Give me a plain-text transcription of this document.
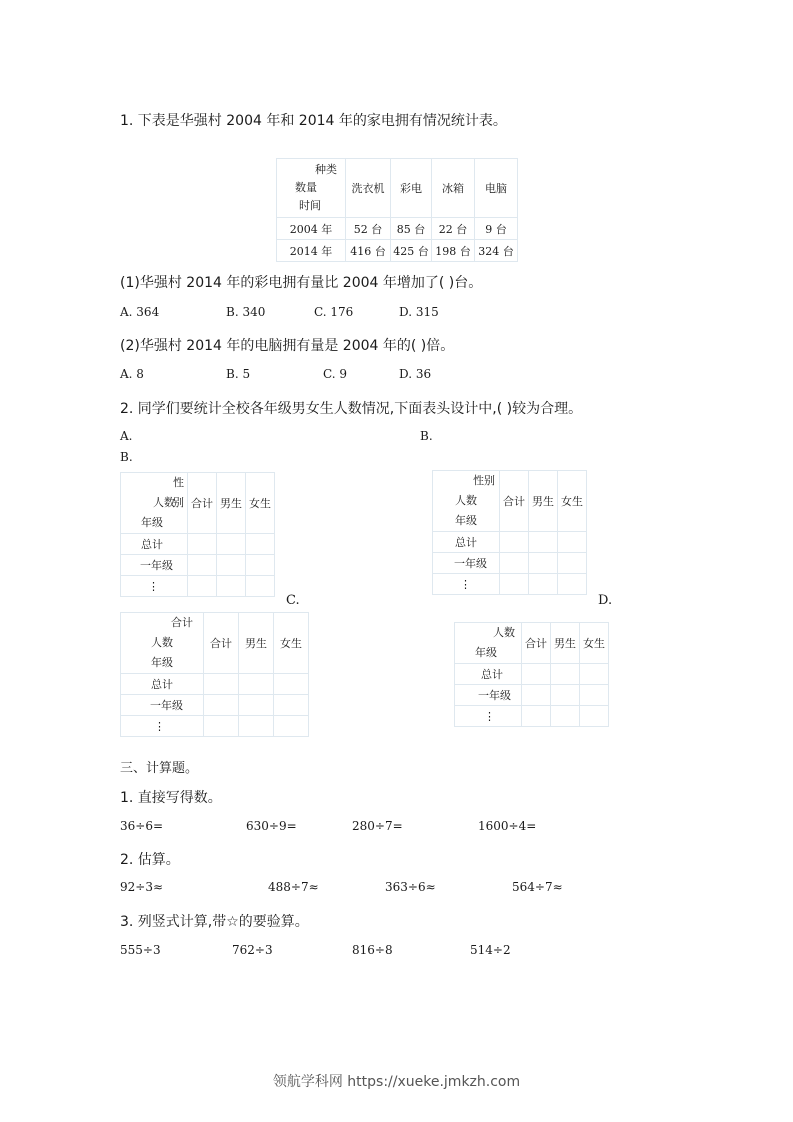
1. 下表是华强村 2004 年和 2014 年的家电拥有情况统计表。
种类
数量
时间	洗衣机	彩电	冰箱	电脑
2004 年	52 台	85 台	22 台	9 台
2014 年	416 台	425 台	198 台	324 台
(1)华强村 2014 年的彩电拥有量比 2004 年增加了( )台。
A. 364	B. 340	C. 176	D. 315
(2)华强村 2014 年的电脑拥有量是 2004 年的( )倍。
A. 8	B. 5	C. 9	D. 36
2. 同学们要统计全校各年级男女生人数情况,下面表头设计中,( )较为合理。
A.	B.
B.
性别
人数
年级	合计	男生	女生
总计			
一年级			
⋮			
性别
人数
年级	合计	男生	女生
总计			
一年级			
⋮			
C.	D.
合计
人数
年级	合计	男生	女生
总计			
一年级			
⋮			
人数
年级	合计	男生	女生
总计			
一年级			
⋮			
三、计算题。
1. 直接写得数。
36÷6=	630÷9=	280÷7=	1600÷4=
2. 估算。
92÷3≈	488÷7≈	363÷6≈	564÷7≈
3. 列竖式计算,带☆的要验算。
555÷3	762÷3	816÷8	514÷2
领航学科网 https://xueke.jmkzh.com
